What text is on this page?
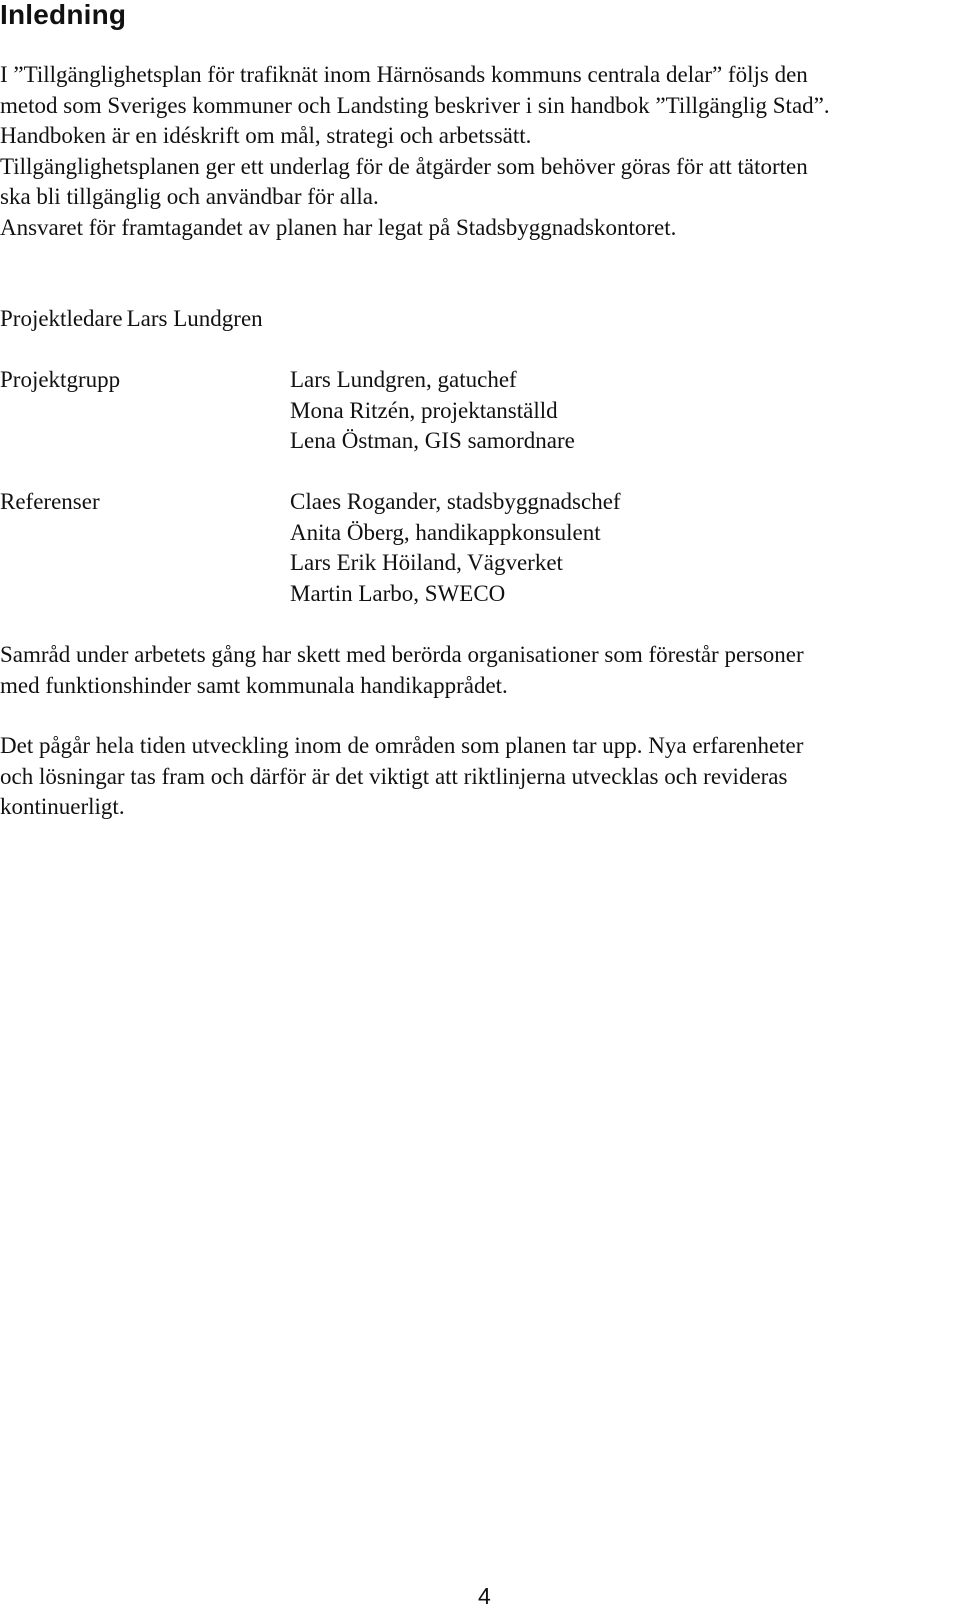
Inledning

I ”Tillgänglighetsplan för trafiknät inom Härnösands kommuns centrala delar” följs den
metod som Sveriges kommuner och Landsting beskriver i sin handbok ”Tillgänglig Stad”.
Handboken är en idéskrift om mål, strategi och arbetssätt.
Tillgänglighetsplanen ger ett underlag för de åtgärder som behöver göras för att tätorten
ska bli tillgänglig och användbar för alla.
Ansvaret för framtagandet av planen har legat på Stadsbyggnadskontoret.

Projektledare Lars Lundgren

Projektgrupp	Lars Lundgren, gatuchef
Mona Ritzén, projektanställd
Lena Östman, GIS samordnare

Referenser	Claes Rogander, stadsbyggnadschef
Anita Öberg, handikappkonsulent
Lars Erik Höiland, Vägverket
Martin Larbo, SWECO

Samråd under arbetets gång har skett med berörda organisationer som förestår personer
med funktionshinder samt kommunala handikapprådet.

Det pågår hela tiden utveckling inom de områden som planen tar upp. Nya erfarenheter
och lösningar tas fram och därför är det viktigt att riktlinjerna utvecklas och revideras
kontinuerligt.

4
